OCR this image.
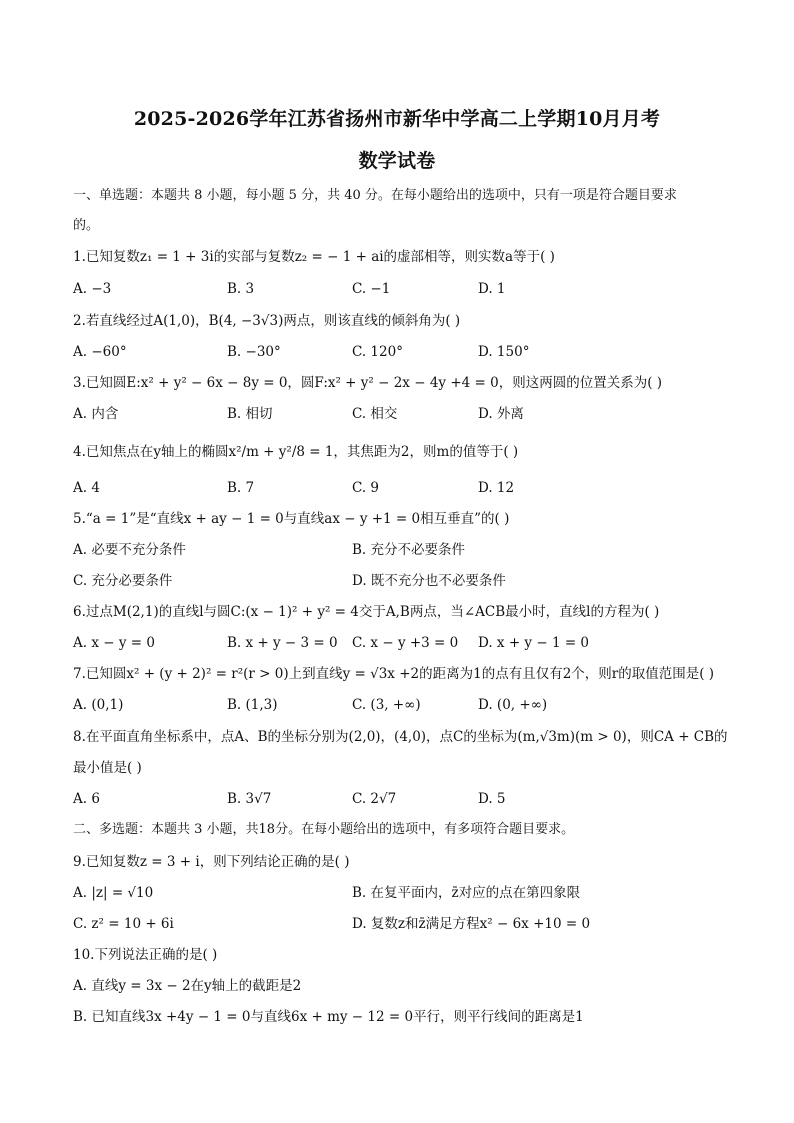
2025-2026学年江苏省扬州市新华中学高二上学期10月月考
数学试卷
一、单选题：本题共 8 小题，每小题 5 分，共 40 分。在每小题给出的选项中，只有一项是符合题目要求
的。
1.已知复数z₁ = 1 + 3i的实部与复数z₂ = − 1 + ai的虚部相等，则实数a等于( )
A. −3	B. 3	C. −1	D. 1
2.若直线经过A(1,0)，B(4, −3√3)两点，则该直线的倾斜角为( )
A. −60°	B. −30°	C. 120°	D. 150°
3.已知圆E:x² + y² − 6x − 8y = 0，圆F:x² + y² − 2x − 4y +4 = 0，则这两圆的位置关系为( )
A. 内含	B. 相切	C. 相交	D. 外离
4.已知焦点在y轴上的椭圆x²/m + y²/8 = 1，其焦距为2，则m的值等于( )
A. 4	B. 7	C. 9	D. 12
5.“a = 1”是“直线x + ay − 1 = 0与直线ax − y +1 = 0相互垂直”的( )
A. 必要不充分条件	B. 充分不必要条件
C. 充分必要条件	D. 既不充分也不必要条件
6.过点M(2,1)的直线l与圆C:(x − 1)² + y² = 4交于A,B两点，当∠ACB最小时，直线l的方程为( )
A. x − y = 0	B. x + y − 3 = 0 C. x − y +3 = 0 D. x + y − 1 = 0
7.已知圆x² + (y + 2)² = r²(r > 0)上到直线y = √3x +2的距离为1的点有且仅有2个，则r的取值范围是( )
A. (0,1)	B. (1,3)	C. (3, +∞)	D. (0, +∞)
8.在平面直角坐标系中，点A、B的坐标分别为(2,0)，(4,0)，点C的坐标为(m,√3m)(m > 0)，则CA + CB的
最小值是( )
A. 6	B. 3√7	C. 2√7	D. 5
二、多选题：本题共 3 小题，共18分。在每小题给出的选项中，有多项符合题目要求。
9.已知复数z = 3 + i，则下列结论正确的是( )
A. |z| = √10	B. 在复平面内，z̄对应的点在第四象限
C. z² = 10 + 6i	D. 复数z和z̄满足方程x² − 6x +10 = 0
10.下列说法正确的是( )
A. 直线y = 3x − 2在y轴上的截距是2
B. 已知直线3x +4y − 1 = 0与直线6x + my − 12 = 0平行，则平行线间的距离是1
